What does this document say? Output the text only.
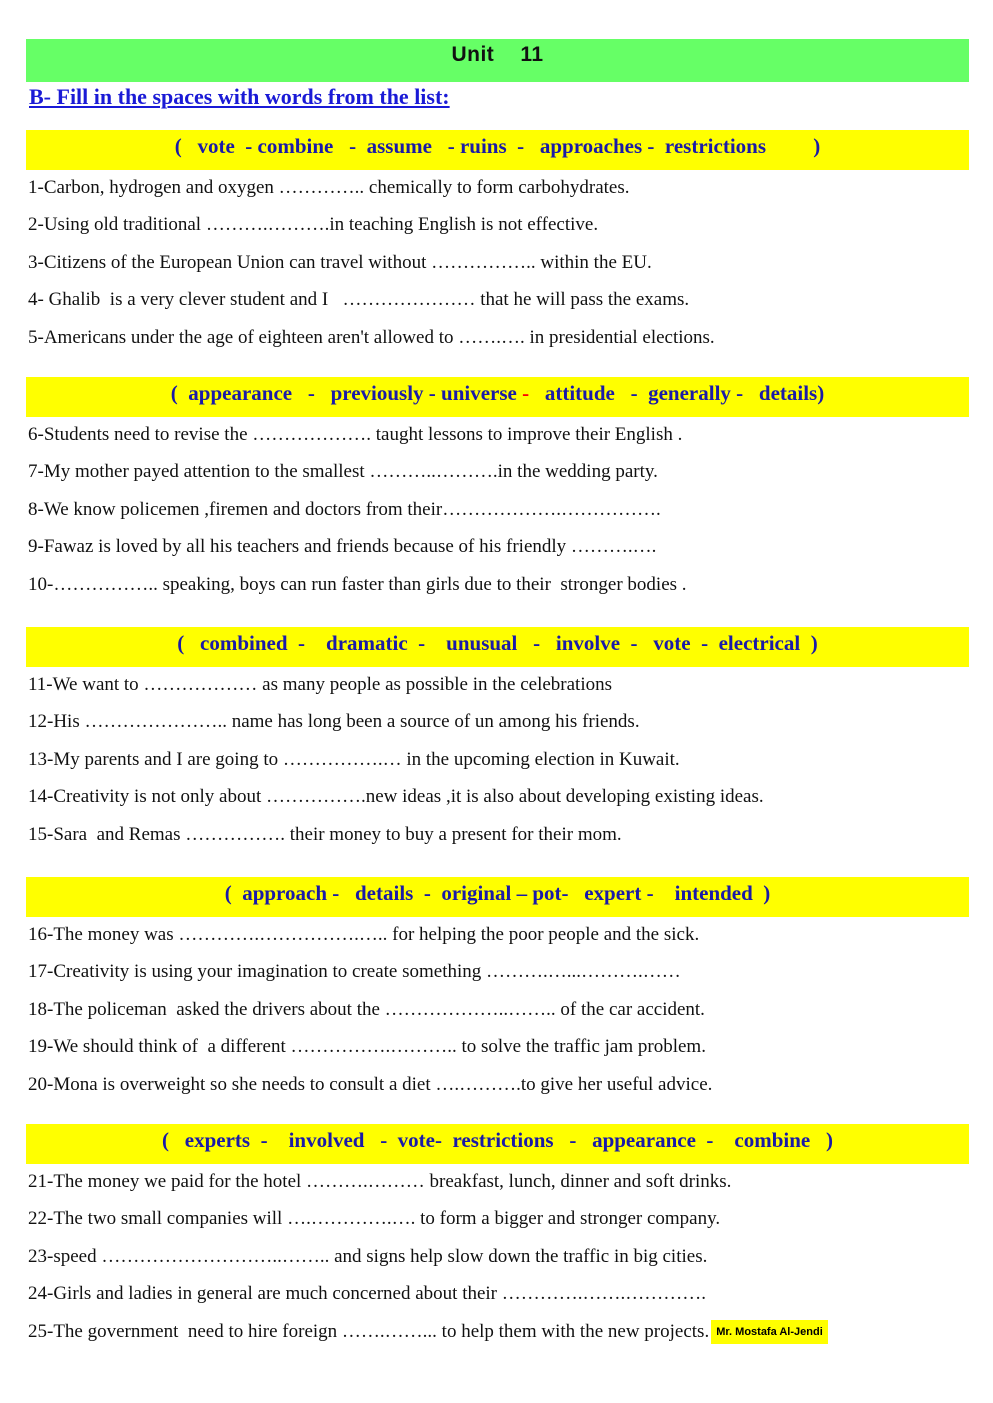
Unit 11
B- Fill in the spaces with words from the list:
(   vote  - combine   -  assume   - ruins  -   approaches -  restrictions         )
1-Carbon, hydrogen and oxygen ………….. chemically to form carbohydrates.
2-Using old traditional ……….……….in teaching English is not effective.
3-Citizens of the European Union can travel without …………….. within the EU.
4- Ghalib  is a very clever student and I   ………………… that he will pass the exams.
5-Americans under the age of eighteen aren't allowed to …….…. in presidential elections.
(  appearance   -   previously - universe -   attitude   -  generally -   details)
6-Students need to revise the ………………. taught lessons to improve their English .
7-My mother payed attention to the smallest ………..……….in the wedding party.
8-We know policemen ,firemen and doctors from their……………….…………….
9-Fawaz is loved by all his teachers and friends because of his friendly ……….….
10-…………….. speaking, boys can run faster than girls due to their  stronger bodies .
(   combined  -    dramatic  -    unusual   -   involve  -   vote  -  electrical  )
11-We want to ……………… as many people as possible in the celebrations
12-His ………………….. name has long been a source of un among his friends.
13-My parents and I are going to …………….… in the upcoming election in Kuwait.
14-Creativity is not only about …………….new ideas ,it is also about developing existing ideas.
15-Sara  and Remas ……………. their money to buy a present for their mom.
(  approach -   details  -  original – pot-   expert -    intended  )
16-The money was ………….…………….….. for helping the poor people and the sick.
17-Creativity is using your imagination to create something ……….…...……….……
18-The policeman  asked the drivers about the ………………..…….. of the car accident.
19-We should think of  a different …………….……….. to solve the traffic jam problem.
20-Mona is overweight so she needs to consult a diet ….……….to give her useful advice.
(   experts  -    involved   -  vote-  restrictions   -   appearance  -    combine   )
21-The money we paid for the hotel ……….……… breakfast, lunch, dinner and soft drinks.
22-The two small companies will ….………….…. to form a bigger and stronger company.
23-speed ………………………..…….. and signs help slow down the traffic in big cities.
24-Girls and ladies in general are much concerned about their ………….…….………….
25-The government  need to hire foreign …….……... to help them with the new projects. Mr. Mostafa Al-Jendi
